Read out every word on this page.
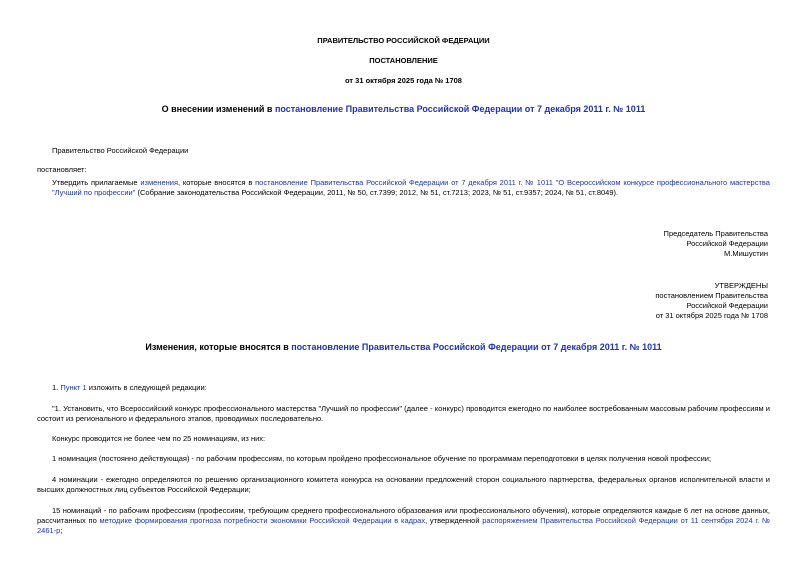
ПРАВИТЕЛЬСТВО РОССИЙСКОЙ ФЕДЕРАЦИИ
ПОСТАНОВЛЕНИЕ
от 31 октября 2025 года № 1708
О внесении изменений в постановление Правительства Российской Федерации от 7 декабря 2011 г. № 1011
Правительство Российской Федерации
постановляет:
Утвердить прилагаемые изменения, которые вносятся в постановление Правительства Российской Федерации от 7 декабря 2011 г. № 1011 "О Всероссийском конкурсе профессионального мастерства "Лучший по профессии" (Собрание законодательства Российской Федерации, 2011, № 50, ст.7399; 2012, № 51, ст.7213; 2023, № 51, ст.9357; 2024, № 51, ст.8049).
Председатель Правительства
Российской Федерации
М.Мишустин
УТВЕРЖДЕНЫ
постановлением Правительства
Российской Федерации
от 31 октября 2025 года № 1708
Изменения, которые вносятся в постановление Правительства Российской Федерации от 7 декабря 2011 г. № 1011
1. Пункт 1 изложить в следующей редакции:
"1. Установить, что Всероссийский конкурс профессионального мастерства "Лучший по профессии" (далее - конкурс) проводится ежегодно по наиболее востребованным массовым рабочим профессиям и состоит из регионального и федерального этапов, проводимых последовательно.
Конкурс проводится не более чем по 25 номинациям, из них:
1 номинация (постоянно действующая) - по рабочим профессиям, по которым пройдено профессиональное обучение по программам переподготовки в целях получения новой профессии;
4 номинации - ежегодно определяются по решению организационного комитета конкурса на основании предложений сторон социального партнерства, федеральных органов исполнительной власти и высших должностных лиц субъектов Российской Федерации;
15 номинаций - по рабочим профессиям (профессиям, требующим среднего профессионального образования или профессионального обучения), которые определяются каждые 6 лет на основе данных, рассчитанных по методике формирования прогноза потребности экономики Российской Федерации в кадрах, утвержденной распоряжением Правительства Российской Федерации от 11 сентября 2024 г. № 2461-р;
